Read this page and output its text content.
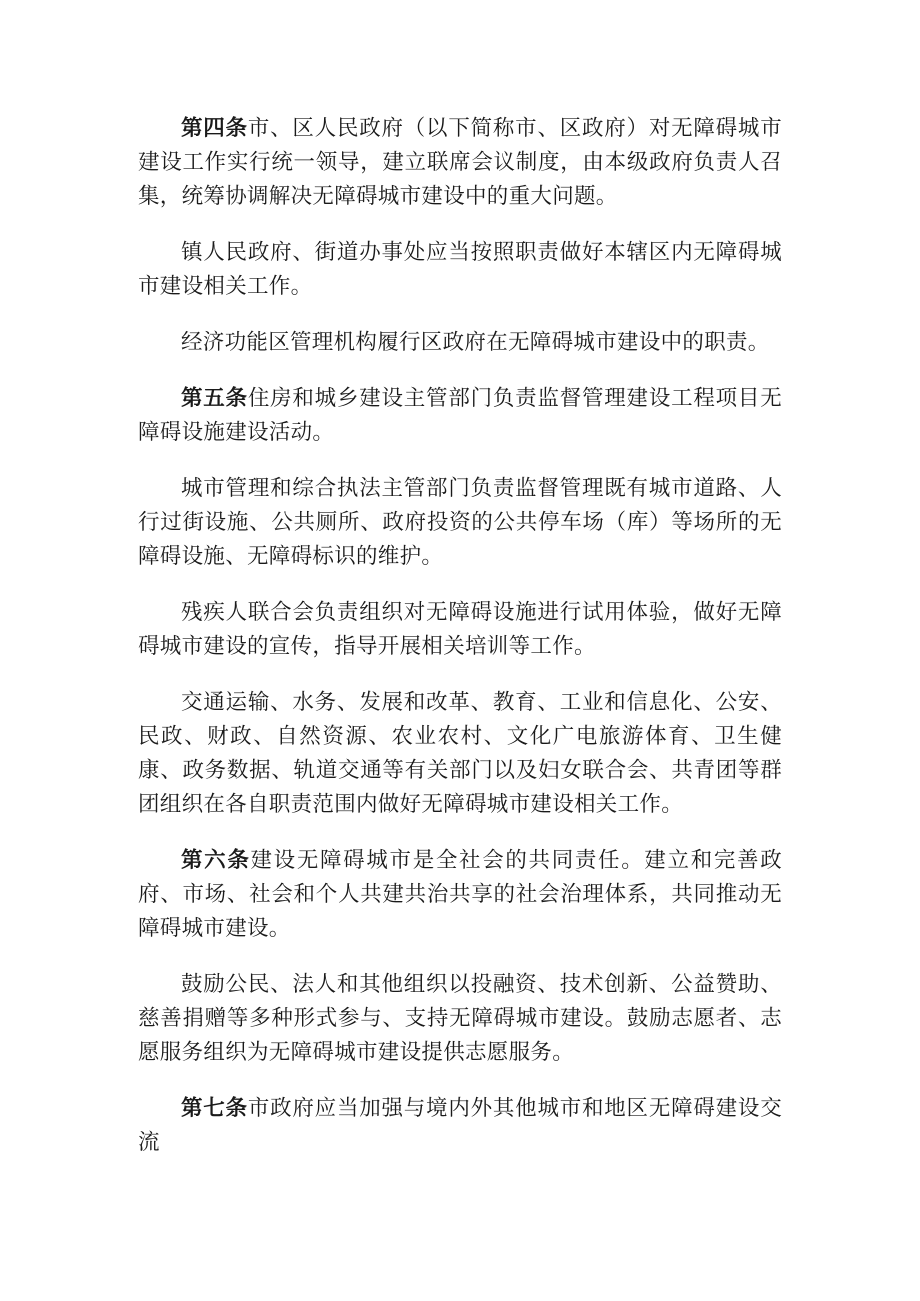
第四条市、区人民政府（以下简称市、区政府）对无障碍城市建设工作实行统一领导，建立联席会议制度，由本级政府负责人召集，统筹协调解决无障碍城市建设中的重大问题。

镇人民政府、街道办事处应当按照职责做好本辖区内无障碍城市建设相关工作。

经济功能区管理机构履行区政府在无障碍城市建设中的职责。

第五条住房和城乡建设主管部门负责监督管理建设工程项目无障碍设施建设活动。

城市管理和综合执法主管部门负责监督管理既有城市道路、人行过街设施、公共厕所、政府投资的公共停车场（库）等场所的无障碍设施、无障碍标识的维护。

残疾人联合会负责组织对无障碍设施进行试用体验，做好无障碍城市建设的宣传，指导开展相关培训等工作。

交通运输、水务、发展和改革、教育、工业和信息化、公安、民政、财政、自然资源、农业农村、文化广电旅游体育、卫生健康、政务数据、轨道交通等有关部门以及妇女联合会、共青团等群团组织在各自职责范围内做好无障碍城市建设相关工作。

第六条建设无障碍城市是全社会的共同责任。建立和完善政府、市场、社会和个人共建共治共享的社会治理体系，共同推动无障碍城市建设。

鼓励公民、法人和其他组织以投融资、技术创新、公益赞助、慈善捐赠等多种形式参与、支持无障碍城市建设。鼓励志愿者、志愿服务组织为无障碍城市建设提供志愿服务。

第七条市政府应当加强与境内外其他城市和地区无障碍建设交流
